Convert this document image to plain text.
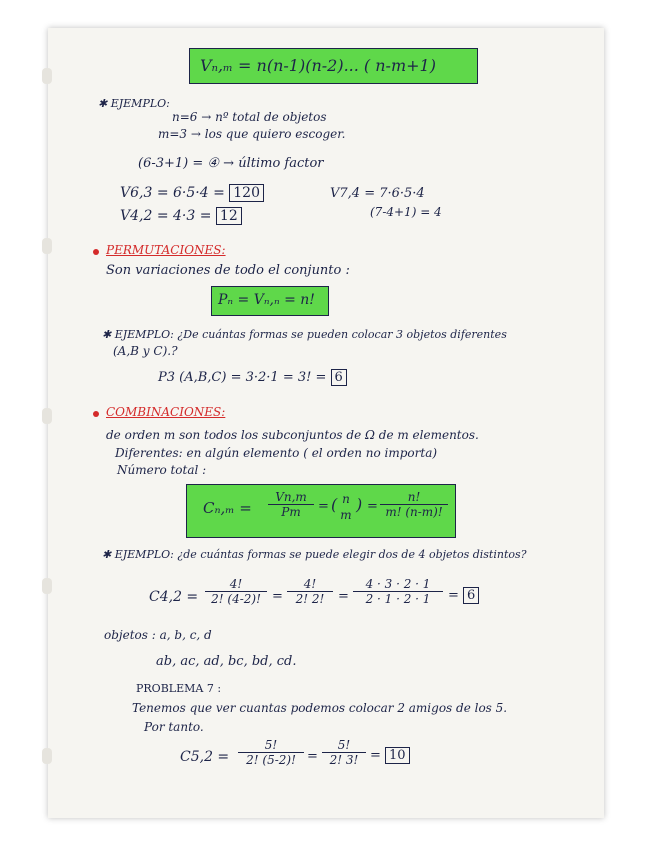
Vₙ,ₘ = n(n-1)(n-2)... ( n-m+1)
✱ EJEMPLO:
n=6 → nº total de objetos
m=3 → los que quiero escoger.
(6-3+1) = ④ → último factor
V6,3 = 6·5·4 = 120
V4,2 = 4·3 = 12
V7,4 = 7·6·5·4
(7-4+1) = 4
PERMUTACIONES:
Son variaciones de todo el conjunto :
Pₙ = Vₙ,ₙ = n!
✱ EJEMPLO: ¿De cuántas formas se pueden colocar 3 objetos diferentes
(A,B y C).?
P3 (A,B,C) = 3·2·1 = 3! = 6
COMBINACIONES:
de orden m son todos los subconjuntos de Ω de m elementos.
Diferentes: en algún elemento ( el orden no importa)
Número total :
$C_n,_m = \frac{Vn,m}{Pm}$ = ( n
m
) = $\frac{n!}{m! (n-m)!}$
✱ EJEMPLO: ¿de cuántas formas se puede elegir dos de 4 objetos distintos?
$C4,2 = \frac{4!}{2! (4-2)!} = \frac{4!}{2! 2!} = \frac{4 \cdot 3 \cdot 2 \cdot 1}{2 \cdot 1 \cdot 2 \cdot 1} = 6$
objetos : a, b, c, d
ab, ac, ad, bc, bd, cd.
PROBLEMA 7 :
Tenemos que ver cuantas podemos colocar 2 amigos de los 5.
Por tanto.
$C5,2 = \frac{5!}{2! (5-2)!} = \frac{5!}{2! 3!} = 10$
